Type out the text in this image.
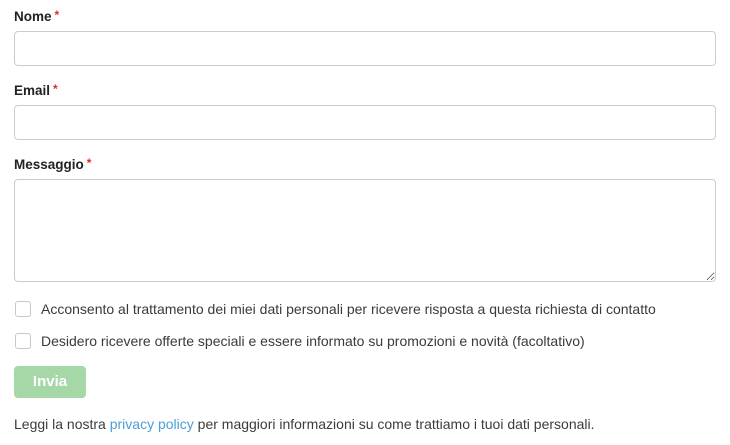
Nome *
Email *
Messaggio *
Acconsento al trattamento dei miei dati personali per ricevere risposta a questa richiesta di contatto
Desidero ricevere offerte speciali e essere informato su promozioni e novità (facoltativo)
Invia

Leggi la nostra privacy policy per maggiori informazioni su come trattiamo i tuoi dati personali.
